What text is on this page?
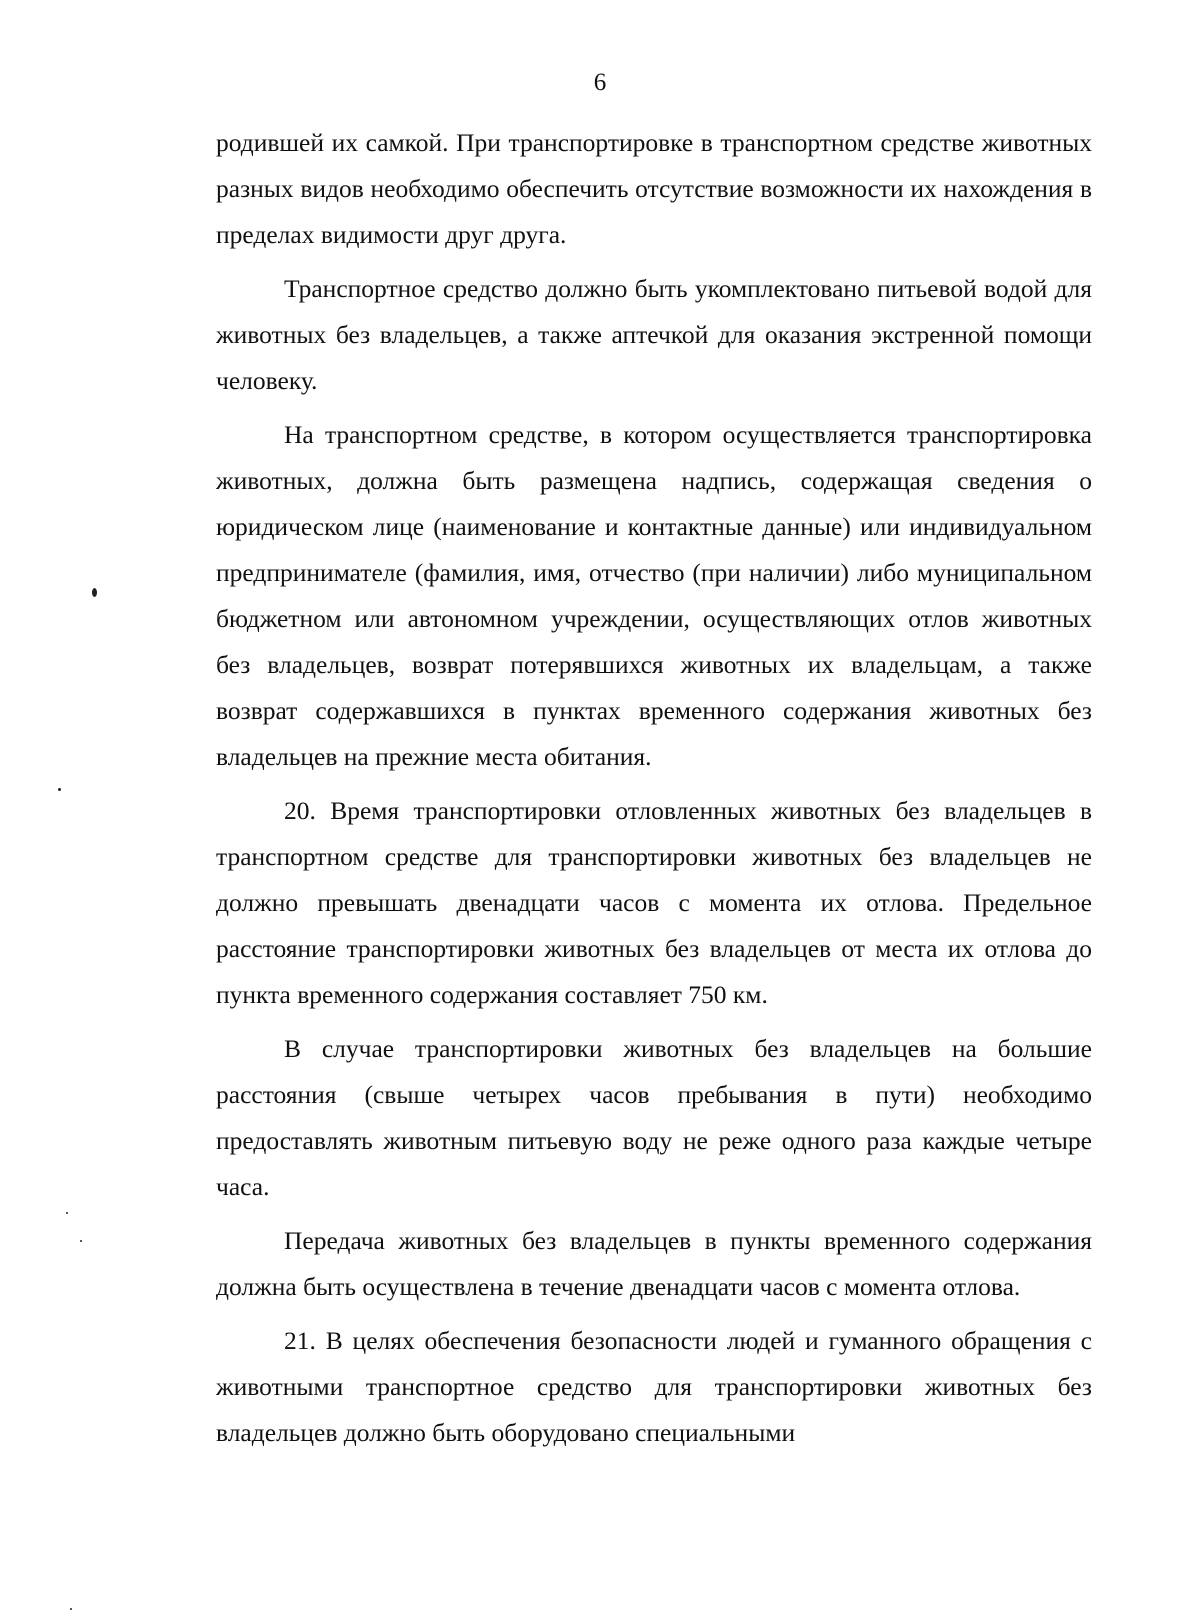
6

родившей их самкой. При транспортировке в транспортном средстве животных разных видов необходимо обеспечить отсутствие возможности их нахождения в пределах видимости друг друга.

Транспортное средство должно быть укомплектовано питьевой водой для животных без владельцев, а также аптечкой для оказания экстренной помощи человеку.

На транспортном средстве, в котором осуществляется транспортировка животных, должна быть размещена надпись, содержащая сведения о юридическом лице (наименование и контактные данные) или индивидуальном предпринимателе (фамилия, имя, отчество (при наличии) либо муниципальном бюджетном или автономном учреждении, осуществляющих отлов животных без владельцев, возврат потерявшихся животных их владельцам, а также возврат содержавшихся в пунктах временного содержания животных без владельцев на прежние места обитания.

20. Время транспортировки отловленных животных без владельцев в транспортном средстве для транспортировки животных без владельцев не должно превышать двенадцати часов с момента их отлова. Предельное расстояние транспортировки животных без владельцев от места их отлова до пункта временного содержания составляет 750 км.

В случае транспортировки животных без владельцев на большие расстояния (свыше четырех часов пребывания в пути) необходимо предоставлять животным питьевую воду не реже одного раза каждые четыре часа.

Передача животных без владельцев в пункты временного содержания должна быть осуществлена в течение двенадцати часов с момента отлова.

21. В целях обеспечения безопасности людей и гуманного обращения с животными транспортное средство для транспортировки животных без владельцев должно быть оборудовано специальными
